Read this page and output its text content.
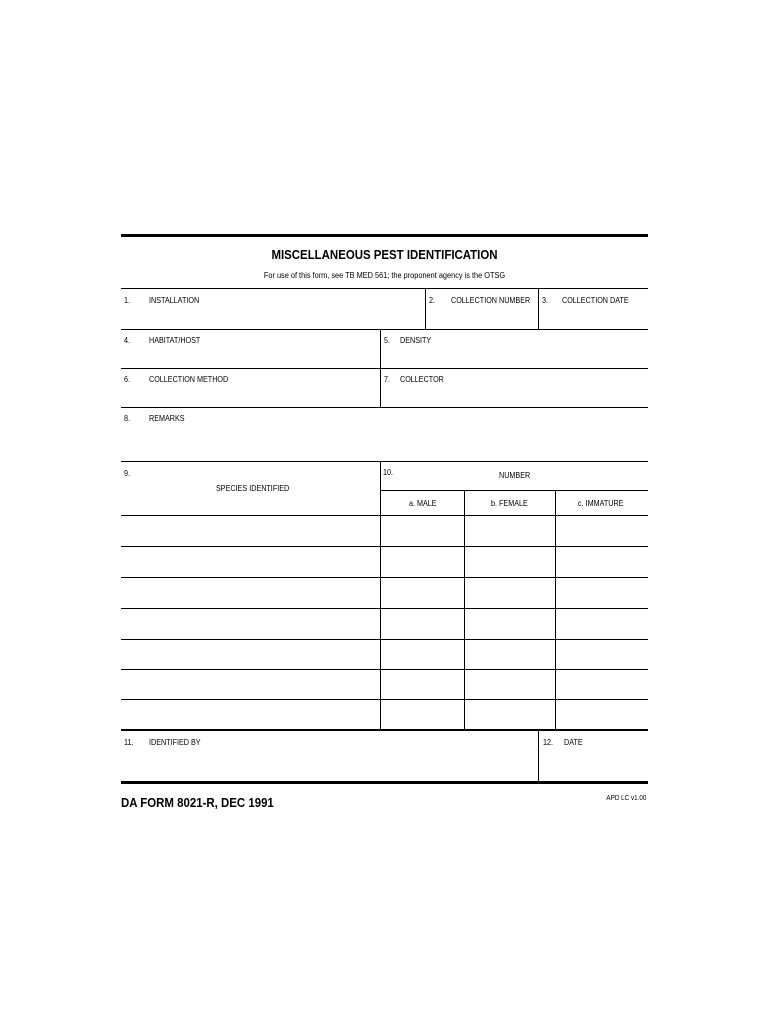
MISCELLANEOUS PEST IDENTIFICATION
For use of this form, see TB MED 561; the proponent agency is the OTSG
1. INSTALLATION	2. COLLECTION NUMBER 3. COLLECTION DATE
4. HABITAT/HOST	5. DENSITY
6. COLLECTION METHOD	7. COLLECTOR
8. REMARKS
9.
SPECIES IDENTIFIED
10.	NUMBER
a. MALE	b. FEMALE	c. IMMATURE
11. IDENTIFIED BY	12. DATE
DA FORM 8021-R, DEC 1991	APD LC v1.00
